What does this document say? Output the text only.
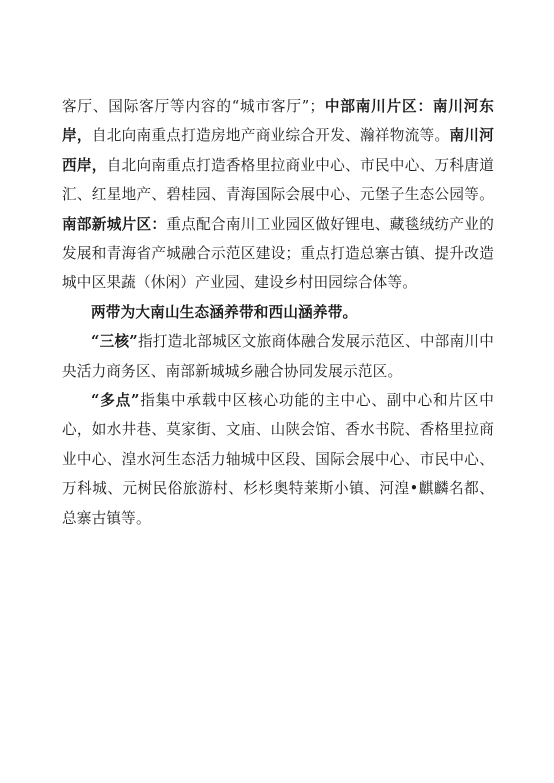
客厅、国际客厅等内容的“城市客厅”；中部南川片区：南川河东岸，自北向南重点打造房地产商业综合开发、瀚祥物流等。南川河西岸，自北向南重点打造香格里拉商业中心、市民中心、万科唐道汇、红星地产、碧桂园、青海国际会展中心、元堡子生态公园等。南部新城片区：重点配合南川工业园区做好锂电、藏毯绒纺产业的发展和青海省产城融合示范区建设；重点打造总寨古镇、提升改造城中区果蔬（休闲）产业园、建设乡村田园综合体等。

两带为大南山生态涵养带和西山涵养带。

“三核”指打造北部城区文旅商体融合发展示范区、中部南川中央活力商务区、南部新城城乡融合协同发展示范区。

“多点”指集中承载中区核心功能的主中心、副中心和片区中心，如水井巷、莫家街、文庙、山陕会馆、香水书院、香格里拉商业中心、湟水河生态活力轴城中区段、国际会展中心、市民中心、万科城、元树民俗旅游村、杉杉奥特莱斯小镇、河湟•麒麟名都、总寨古镇等。
